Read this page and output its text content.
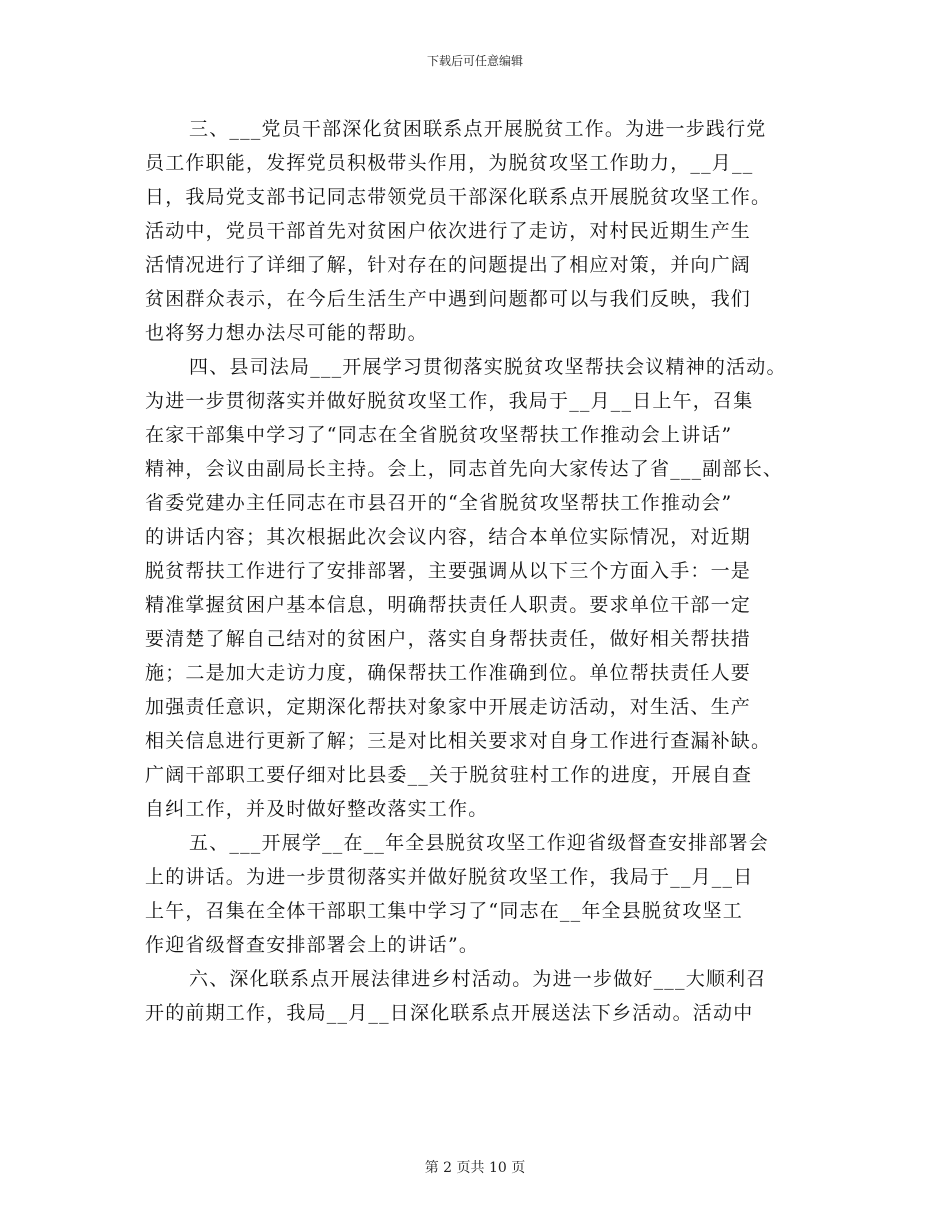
下载后可任意编辑
三、___党员干部深化贫困联系点开展脱贫工作。为进一步践行党
员工作职能，发挥党员积极带头作用，为脱贫攻坚工作助力，__月__
日，我局党支部书记同志带领党员干部深化联系点开展脱贫攻坚工作。
活动中，党员干部首先对贫困户依次进行了走访，对村民近期生产生
活情况进行了详细了解，针对存在的问题提出了相应对策，并向广阔
贫困群众表示，在今后生活生产中遇到问题都可以与我们反映，我们
也将努力想办法尽可能的帮助。
四、县司法局___开展学习贯彻落实脱贫攻坚帮扶会议精神的活动。
为进一步贯彻落实并做好脱贫攻坚工作，我局于__月__日上午，召集
在家干部集中学习了“同志在全省脱贫攻坚帮扶工作推动会上讲话”
精神，会议由副局长主持。会上，同志首先向大家传达了省___副部长、
省委党建办主任同志在市县召开的“全省脱贫攻坚帮扶工作推动会”
的讲话内容；其次根据此次会议内容，结合本单位实际情况，对近期
脱贫帮扶工作进行了安排部署，主要强调从以下三个方面入手：一是
精准掌握贫困户基本信息，明确帮扶责任人职责。要求单位干部一定
要清楚了解自己结对的贫困户，落实自身帮扶责任，做好相关帮扶措
施；二是加大走访力度，确保帮扶工作准确到位。单位帮扶责任人要
加强责任意识，定期深化帮扶对象家中开展走访活动，对生活、生产
相关信息进行更新了解；三是对比相关要求对自身工作进行查漏补缺。
广阔干部职工要仔细对比县委__关于脱贫驻村工作的进度，开展自查
自纠工作，并及时做好整改落实工作。
五、___开展学__在__年全县脱贫攻坚工作迎省级督查安排部署会
上的讲话。为进一步贯彻落实并做好脱贫攻坚工作，我局于__月__日
上午，召集在全体干部职工集中学习了“同志在__年全县脱贫攻坚工
作迎省级督查安排部署会上的讲话”。
六、深化联系点开展法律进乡村活动。为进一步做好___大顺利召
开的前期工作，我局__月__日深化联系点开展送法下乡活动。活动中
第 2 页共 10 页
